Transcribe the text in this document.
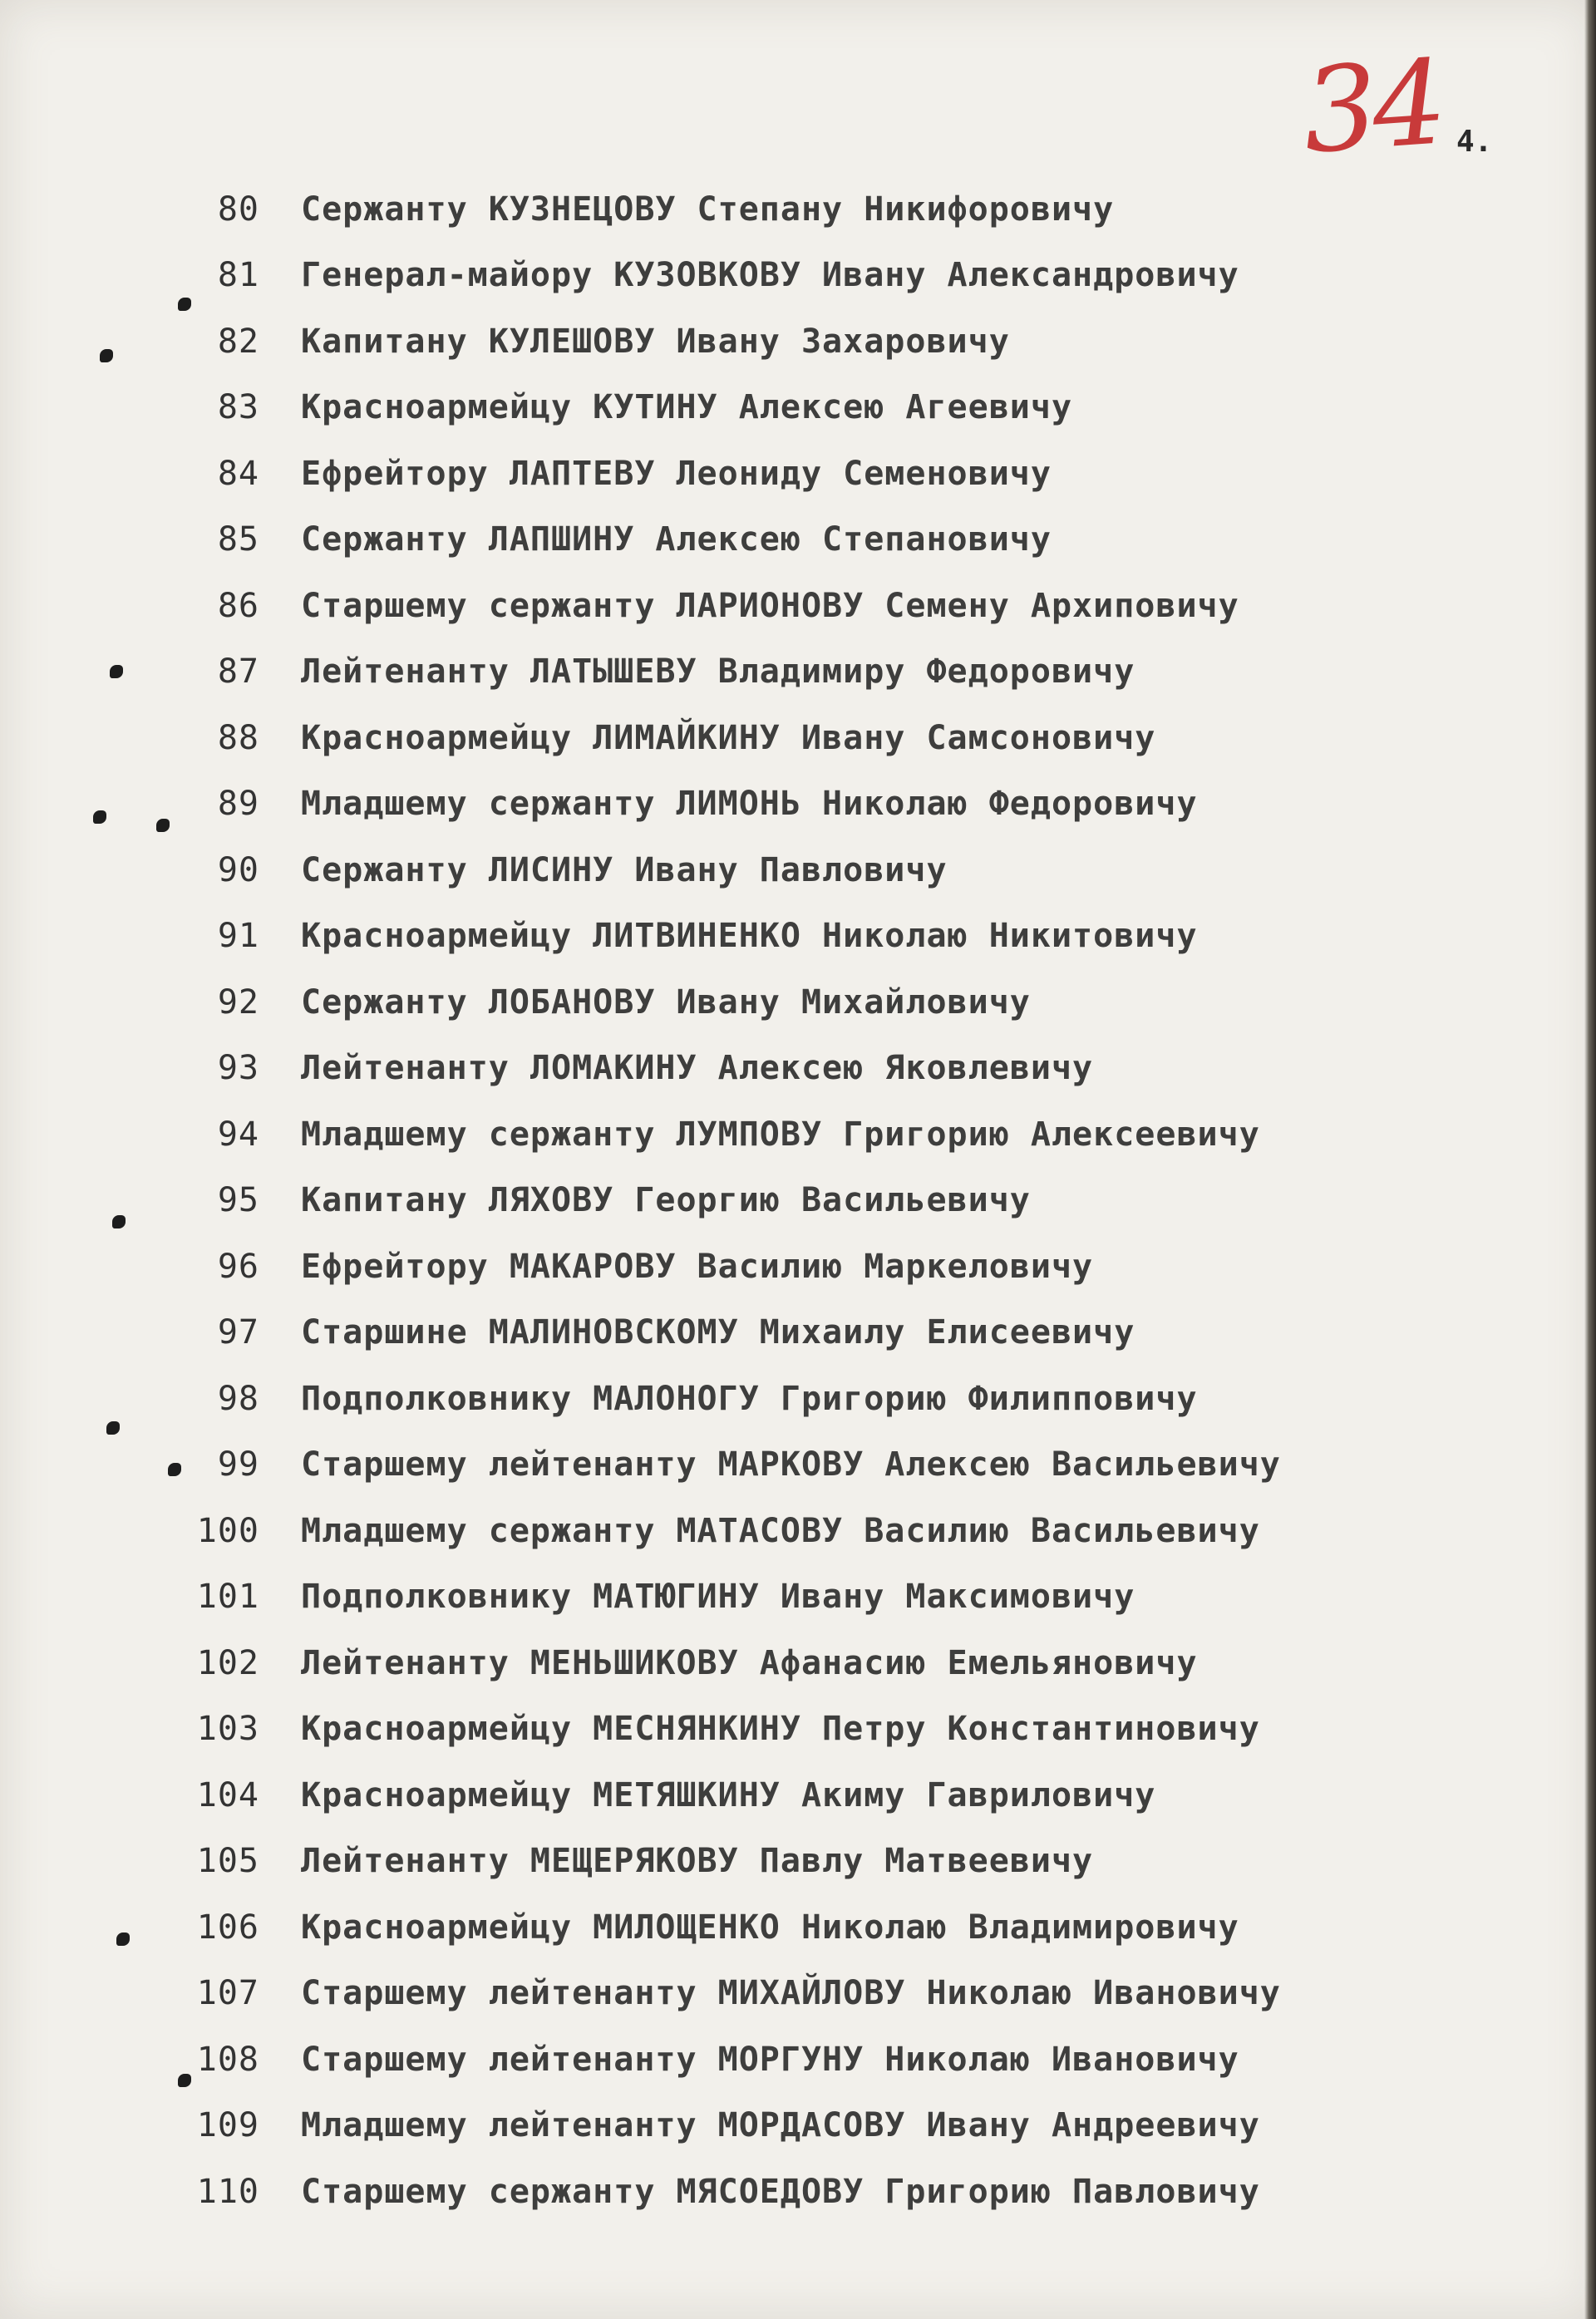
34 4.
80 Сержанту КУЗНЕЦОВУ Степану Никифоровичу
81 Генерал-майору КУЗОВКОВУ Ивану Александровичу
82 Капитану КУЛЕШОВУ Ивану Захаровичу
83 Красноармейцу КУТИНУ Алексею Агеевичу
84 Ефрейтору ЛАПТЕВУ Леониду Семеновичу
85 Сержанту ЛАПШИНУ Алексею Степановичу
86 Старшему сержанту ЛАРИОНОВУ Семену Архиповичу
87 Лейтенанту ЛАТЫШЕВУ Владимиру Федоровичу
88 Красноармейцу ЛИМАЙКИНУ Ивану Самсоновичу
89 Младшему сержанту ЛИМОНЬ Николаю Федоровичу
90 Сержанту ЛИСИНУ Ивану Павловичу
91 Красноармейцу ЛИТВИНЕНКО Николаю Никитовичу
92 Сержанту ЛОБАНОВУ Ивану Михайловичу
93 Лейтенанту ЛОМАКИНУ Алексею Яковлевичу
94 Младшему сержанту ЛУМПОВУ Григорию Алексеевичу
95 Капитану ЛЯХОВУ Георгию Васильевичу
96 Ефрейтору МАКАРОВУ Василию Маркеловичу
97 Старшине МАЛИНОВСКОМУ Михаилу Елисеевичу
98 Подполковнику МАЛОНОГУ Григорию Филипповичу
99 Старшему лейтенанту МАРКОВУ Алексею Васильевичу
100 Младшему сержанту МАТАСОВУ Василию Васильевичу
101 Подполковнику МАТЮГИНУ Ивану Максимовичу
102 Лейтенанту МЕНЬШИКОВУ Афанасию Емельяновичу
103 Красноармейцу МЕСНЯНКИНУ Петру Константиновичу
104 Красноармейцу МЕТЯШКИНУ Акиму Гавриловичу
105 Лейтенанту МЕЩЕРЯКОВУ Павлу Матвеевичу
106 Красноармейцу МИЛОЩЕНКО Николаю Владимировичу
107 Старшему лейтенанту МИХАЙЛОВУ Николаю Ивановичу
108 Старшему лейтенанту МОРГУНУ Николаю Ивановичу
109 Младшему лейтенанту МОРДАСОВУ Ивану Андреевичу
110 Старшему сержанту МЯСОЕДОВУ Григорию Павловичу
